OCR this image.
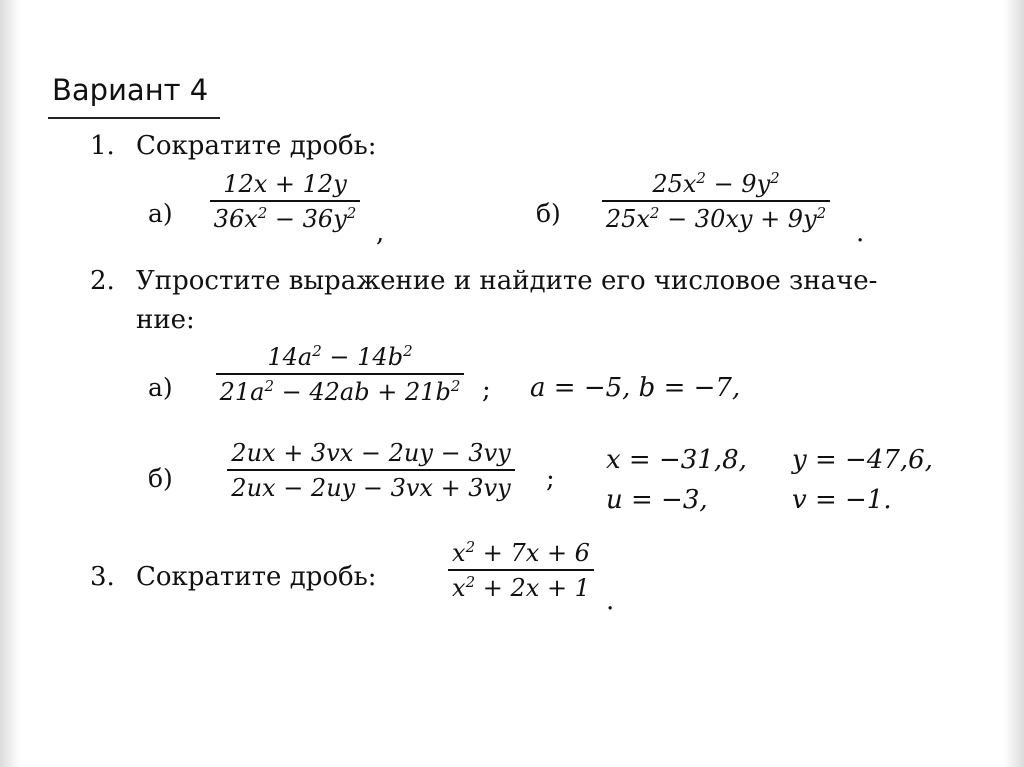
Вариант 4
1. Сократите дробь:
$а) \frac{12x + 12y}{36x^2 - 36y^2}$
,
$б) \frac{25x^2 - 9y^2}{25x^2 - 30xy + 9y^2}$
.
2. Упростите выражение и найдите его числовое значе-
ние:
$а) \frac{14a^2 - 14b^2}{21a^2 - 42ab + 21b^2}$
; a = −5, b = −7,
$б) \frac{2ux + 3vx - 2uy - 3vy}{2ux - 2uy - 3vx + 3vy}$ ;
x = −31,8, y = −47,6,
u = −3,	v = −1.
3. Сократите дробь: $\frac{x^2 + 7x + 6}{x^2 + 2x + 1}$
.
